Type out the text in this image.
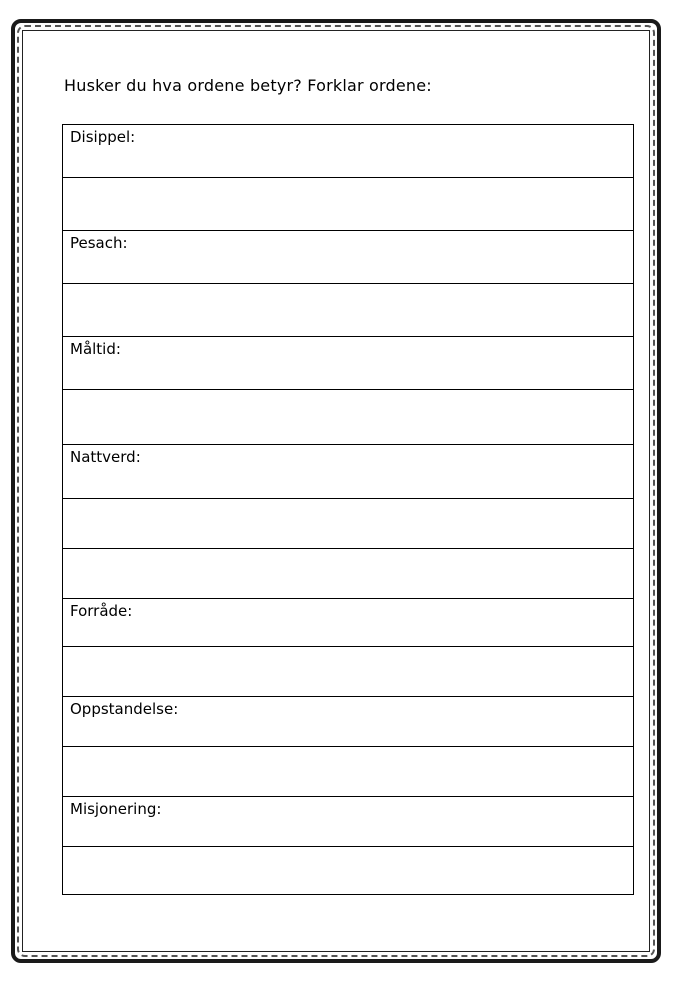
Husker du hva ordene betyr? Forklar ordene:
Disippel:
Pesach:
Måltid:
Nattverd:
Forråde:
Oppstandelse:
Misjonering:
